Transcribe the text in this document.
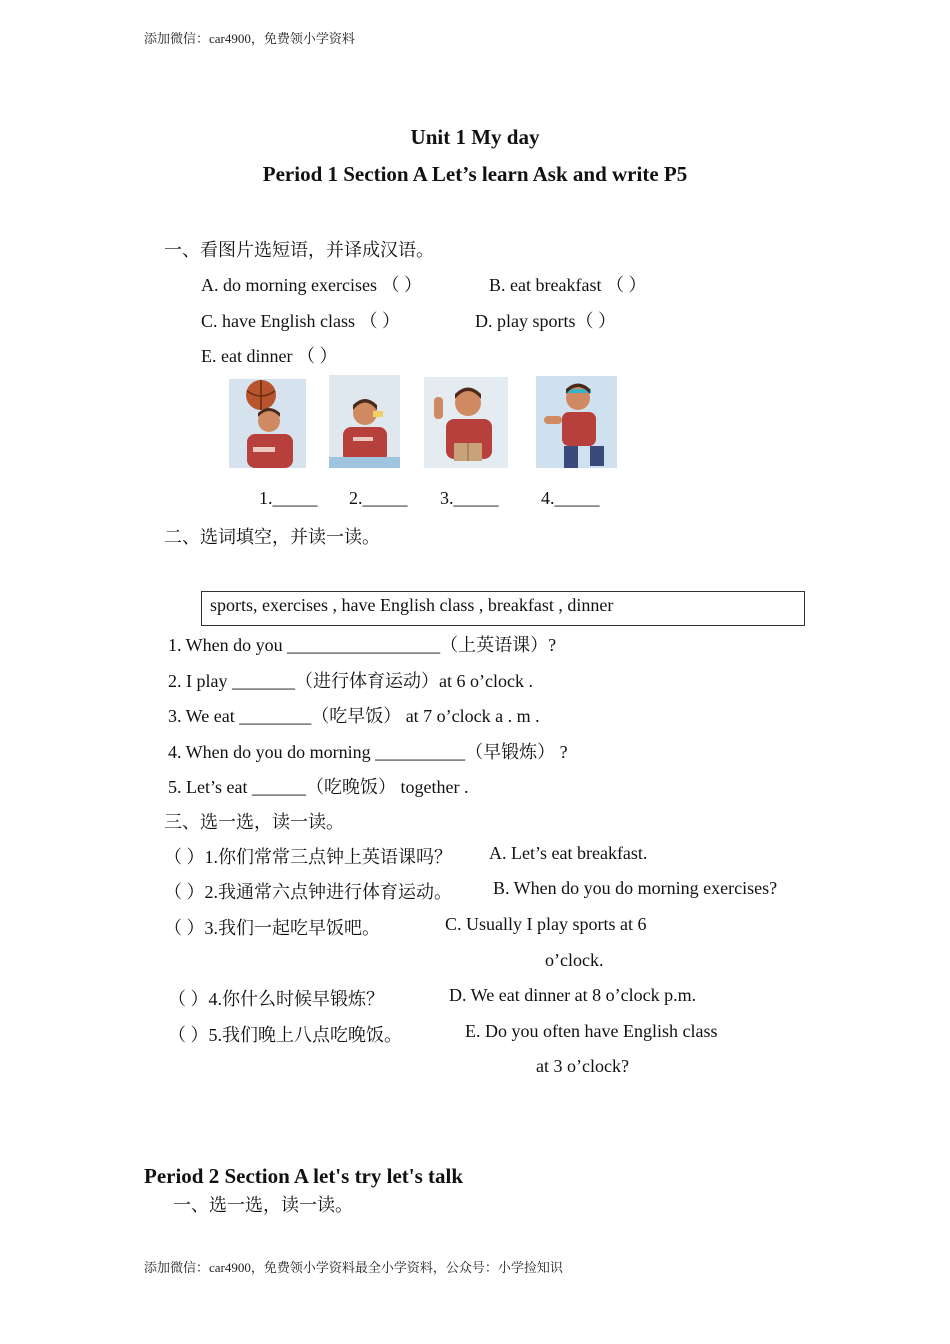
添加微信：car4900，免费领小学资料
Unit 1 My day
Period 1 Section A Let’s learn Ask and write P5
一、看图片选短语，并译成汉语。
A. do morning exercises （ ）	B. eat breakfast （ ）
C. have English class （ ）	D. play sports（ ）
E. eat dinner （ ）
1._____ 2._____ 3._____ 4._____
二、选词填空，并读一读。
sports, exercises , have English class , breakfast , dinner
1. When do you _________________（上英语课）?
2. I play _______（进行体育运动）at 6 o’clock .
3. We eat ________（吃早饭） at 7 o’clock a . m .
4. When do you do morning __________（早锻炼） ?
5. Let’s eat ______（吃晚饭） together .
三、选一选，读一读。
（ ）1.你们常常三点钟上英语课吗？ A. Let’s eat breakfast.
（ ）2.我通常六点钟进行体育运动。 B. When do you do morning exercises?
（ ）3.我们一起吃早饭吧。	C. Usually I play sports at 6
o’clock.
（ ）4.你什么时候早锻炼？	D. We eat dinner at 8 o’clock p.m.
（ ）5.我们晚上八点吃晚饭。	E. Do you often have English class
at 3 o’clock?
Period 2 Section A let's try let's talk
一、选一选，读一读。
添加微信：car4900，免费领小学资料最全小学资料，公众号：小学捡知识
